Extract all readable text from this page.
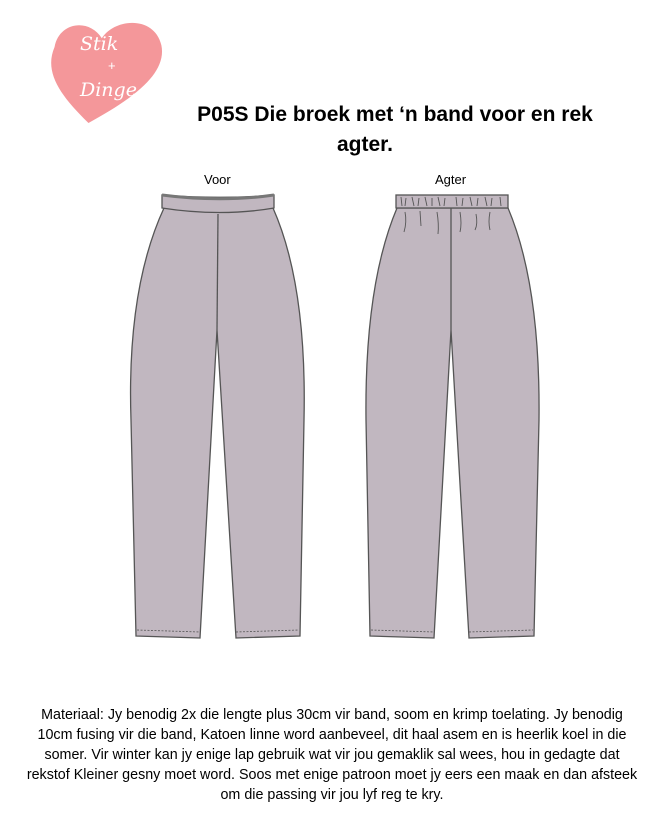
Stik
+
Dinge
P05S Die broek met ‘n band voor en rek
agter.
Voor	Agter
Materiaal: Jy benodig 2x die lengte plus 30cm vir band, soom en krimp toelating. Jy benodig 10cm fusing vir die band, Katoen linne word aanbeveel, dit haal asem en is heerlik koel in die somer. Vir winter kan jy enige lap gebruik wat vir jou gemaklik sal wees, hou in gedagte dat rekstof Kleiner gesny moet word. Soos met enige patroon moet jy eers een maak en dan afsteek om die passing vir jou lyf reg te kry.
